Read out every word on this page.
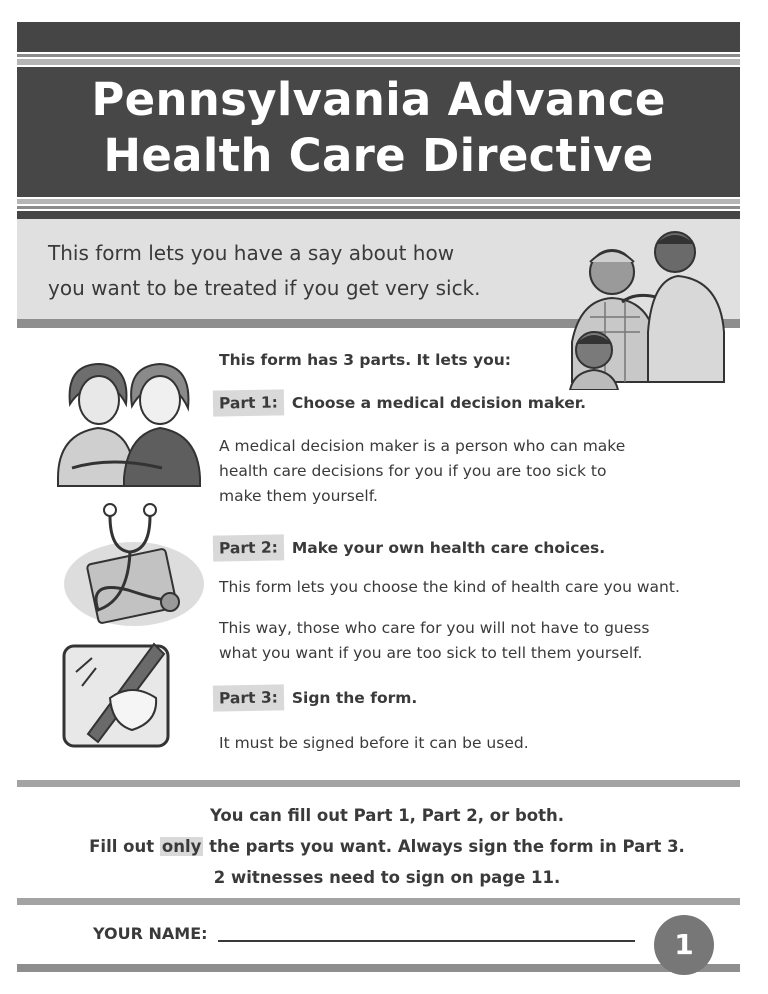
Pennsylvania Advance
Health Care Directive
This form lets you have a say about how
you want to be treated if you get very sick.
This form has 3 parts. It lets you:
Part 1: Choose a medical decision maker.
A medical decision maker is a person who can make
health care decisions for you if you are too sick to
make them yourself.
Part 2: Make your own health care choices.
This form lets you choose the kind of health care you want.
This way, those who care for you will not have to guess
what you want if you are too sick to tell them yourself.
Part 3: Sign the form.
It must be signed before it can be used.
You can fill out Part 1, Part 2, or both.
Fill out only the parts you want. Always sign the form in Part 3.
2 witnesses need to sign on page 11.
YOUR NAME:	1
